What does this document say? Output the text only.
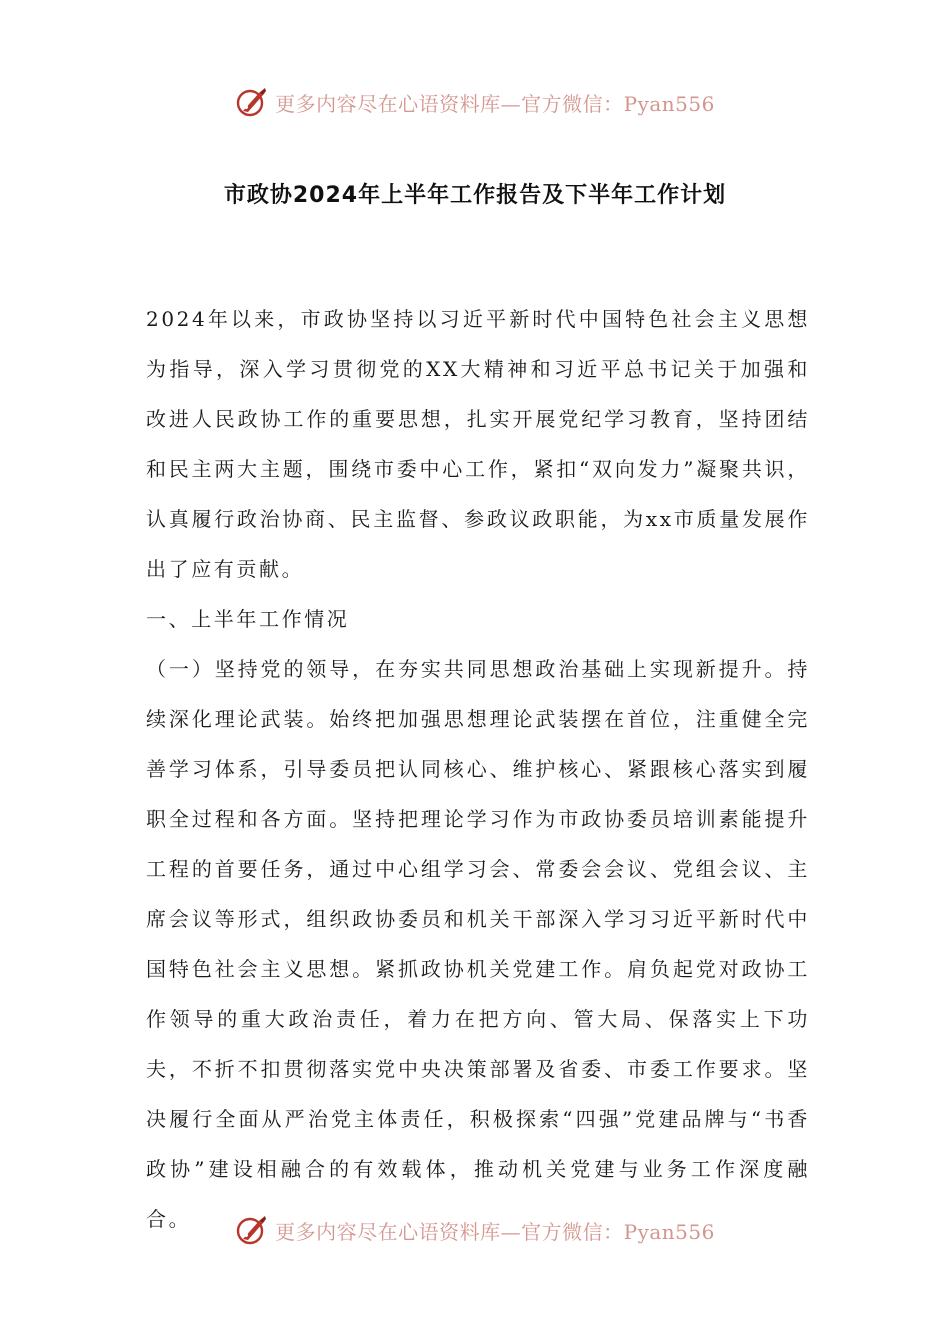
更多内容尽在心语资料库—官方微信：Pyan556
市政协2024年上半年工作报告及下半年工作计划

2024年以来，市政协坚持以习近平新时代中国特色社会主义思想为指导，深入学习贯彻党的XX大精神和习近平总书记关于加强和改进人民政协工作的重要思想，扎实开展党纪学习教育，坚持团结和民主两大主题，围绕市委中心工作，紧扣“双向发力”凝聚共识，认真履行政治协商、民主监督、参政议政职能，为xx市质量发展作出了应有贡献。

一、上半年工作情况

（一）坚持党的领导，在夯实共同思想政治基础上实现新提升。持续深化理论武装。始终把加强思想理论武装摆在首位，注重健全完善学习体系，引导委员把认同核心、维护核心、紧跟核心落实到履职全过程和各方面。坚持把理论学习作为市政协委员培训素能提升工程的首要任务，通过中心组学习会、常委会会议、党组会议、主席会议等形式，组织政协委员和机关干部深入学习习近平新时代中国特色社会主义思想。紧抓政协机关党建工作。肩负起党对政协工作领导的重大政治责任，着力在把方向、管大局、保落实上下功夫，不折不扣贯彻落实党中央决策部署及省委、市委工作要求。坚决履行全面从严治党主体责任，积极探索“四强”党建品牌与“书香政协”建设相融合的有效载体，推动机关党建与业务工作深度融合。

更多内容尽在心语资料库—官方微信：Pyan556
